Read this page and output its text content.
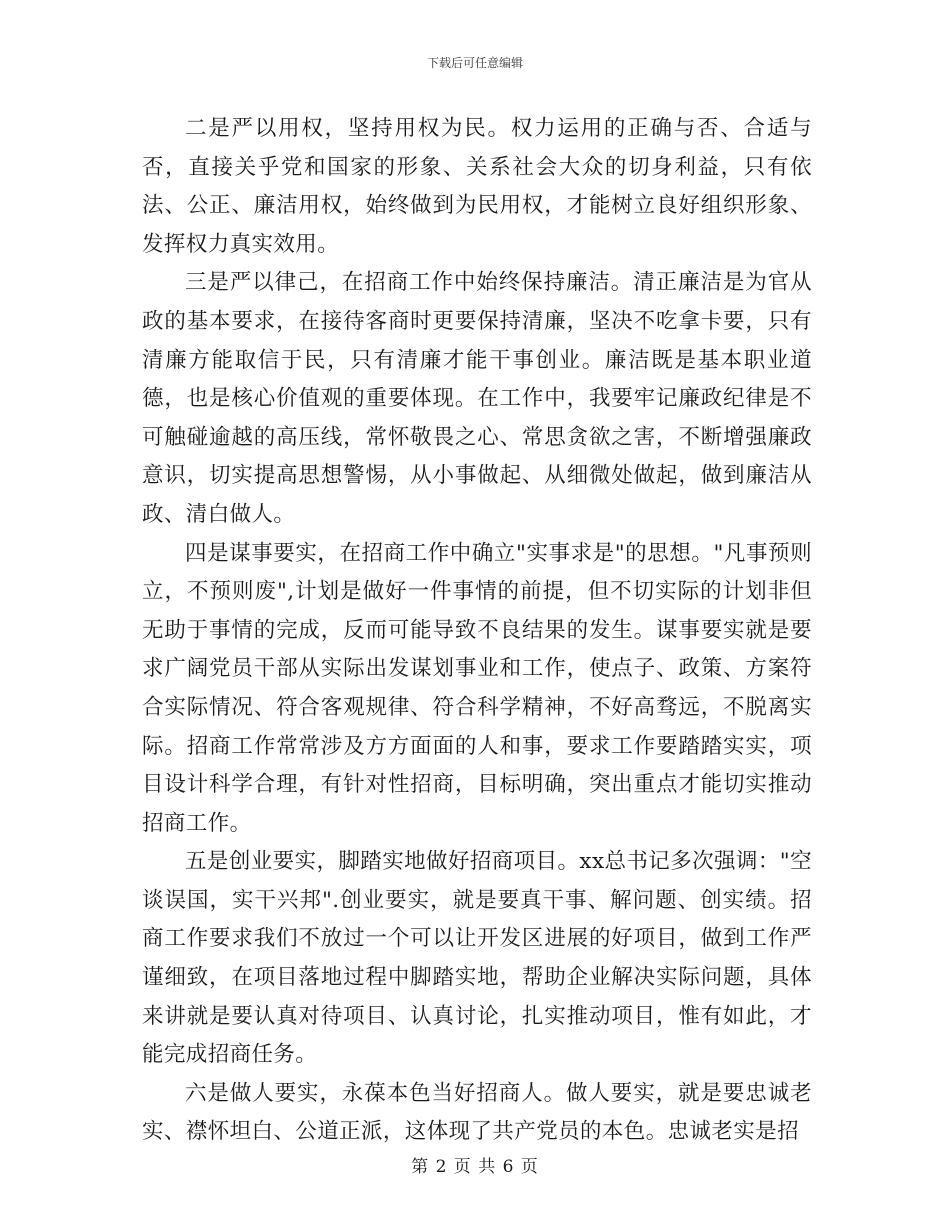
下载后可任意编辑

二是严以用权，坚持用权为民。权力运用的正确与否、合适与否，直接关乎党和国家的形象、关系社会大众的切身利益，只有依法、公正、廉洁用权，始终做到为民用权，才能树立良好组织形象、发挥权力真实效用。

三是严以律己，在招商工作中始终保持廉洁。清正廉洁是为官从政的基本要求，在接待客商时更要保持清廉，坚决不吃拿卡要，只有清廉方能取信于民，只有清廉才能干事创业。廉洁既是基本职业道德，也是核心价值观的重要体现。在工作中，我要牢记廉政纪律是不可触碰逾越的高压线，常怀敬畏之心、常思贪欲之害，不断增强廉政意识，切实提高思想警惕，从小事做起、从细微处做起，做到廉洁从政、清白做人。

四是谋事要实，在招商工作中确立"实事求是"的思想。"凡事预则立，不预则废",计划是做好一件事情的前提，但不切实际的计划非但无助于事情的完成，反而可能导致不良结果的发生。谋事要实就是要求广阔党员干部从实际出发谋划事业和工作，使点子、政策、方案符合实际情况、符合客观规律、符合科学精神，不好高骛远，不脱离实际。招商工作常常涉及方方面面的人和事，要求工作要踏踏实实，项目设计科学合理，有针对性招商，目标明确，突出重点才能切实推动招商工作。

五是创业要实，脚踏实地做好招商项目。xx总书记多次强调："空谈误国，实干兴邦".创业要实，就是要真干事、解问题、创实绩。招商工作要求我们不放过一个可以让开发区进展的好项目，做到工作严谨细致，在项目落地过程中脚踏实地，帮助企业解决实际问题，具体来讲就是要认真对待项目、认真讨论，扎实推动项目，惟有如此，才能完成招商任务。

六是做人要实，永葆本色当好招商人。做人要实，就是要忠诚老实、襟怀坦白、公道正派，这体现了共产党员的本色。忠诚老实是招

第 2 页 共 6 页
